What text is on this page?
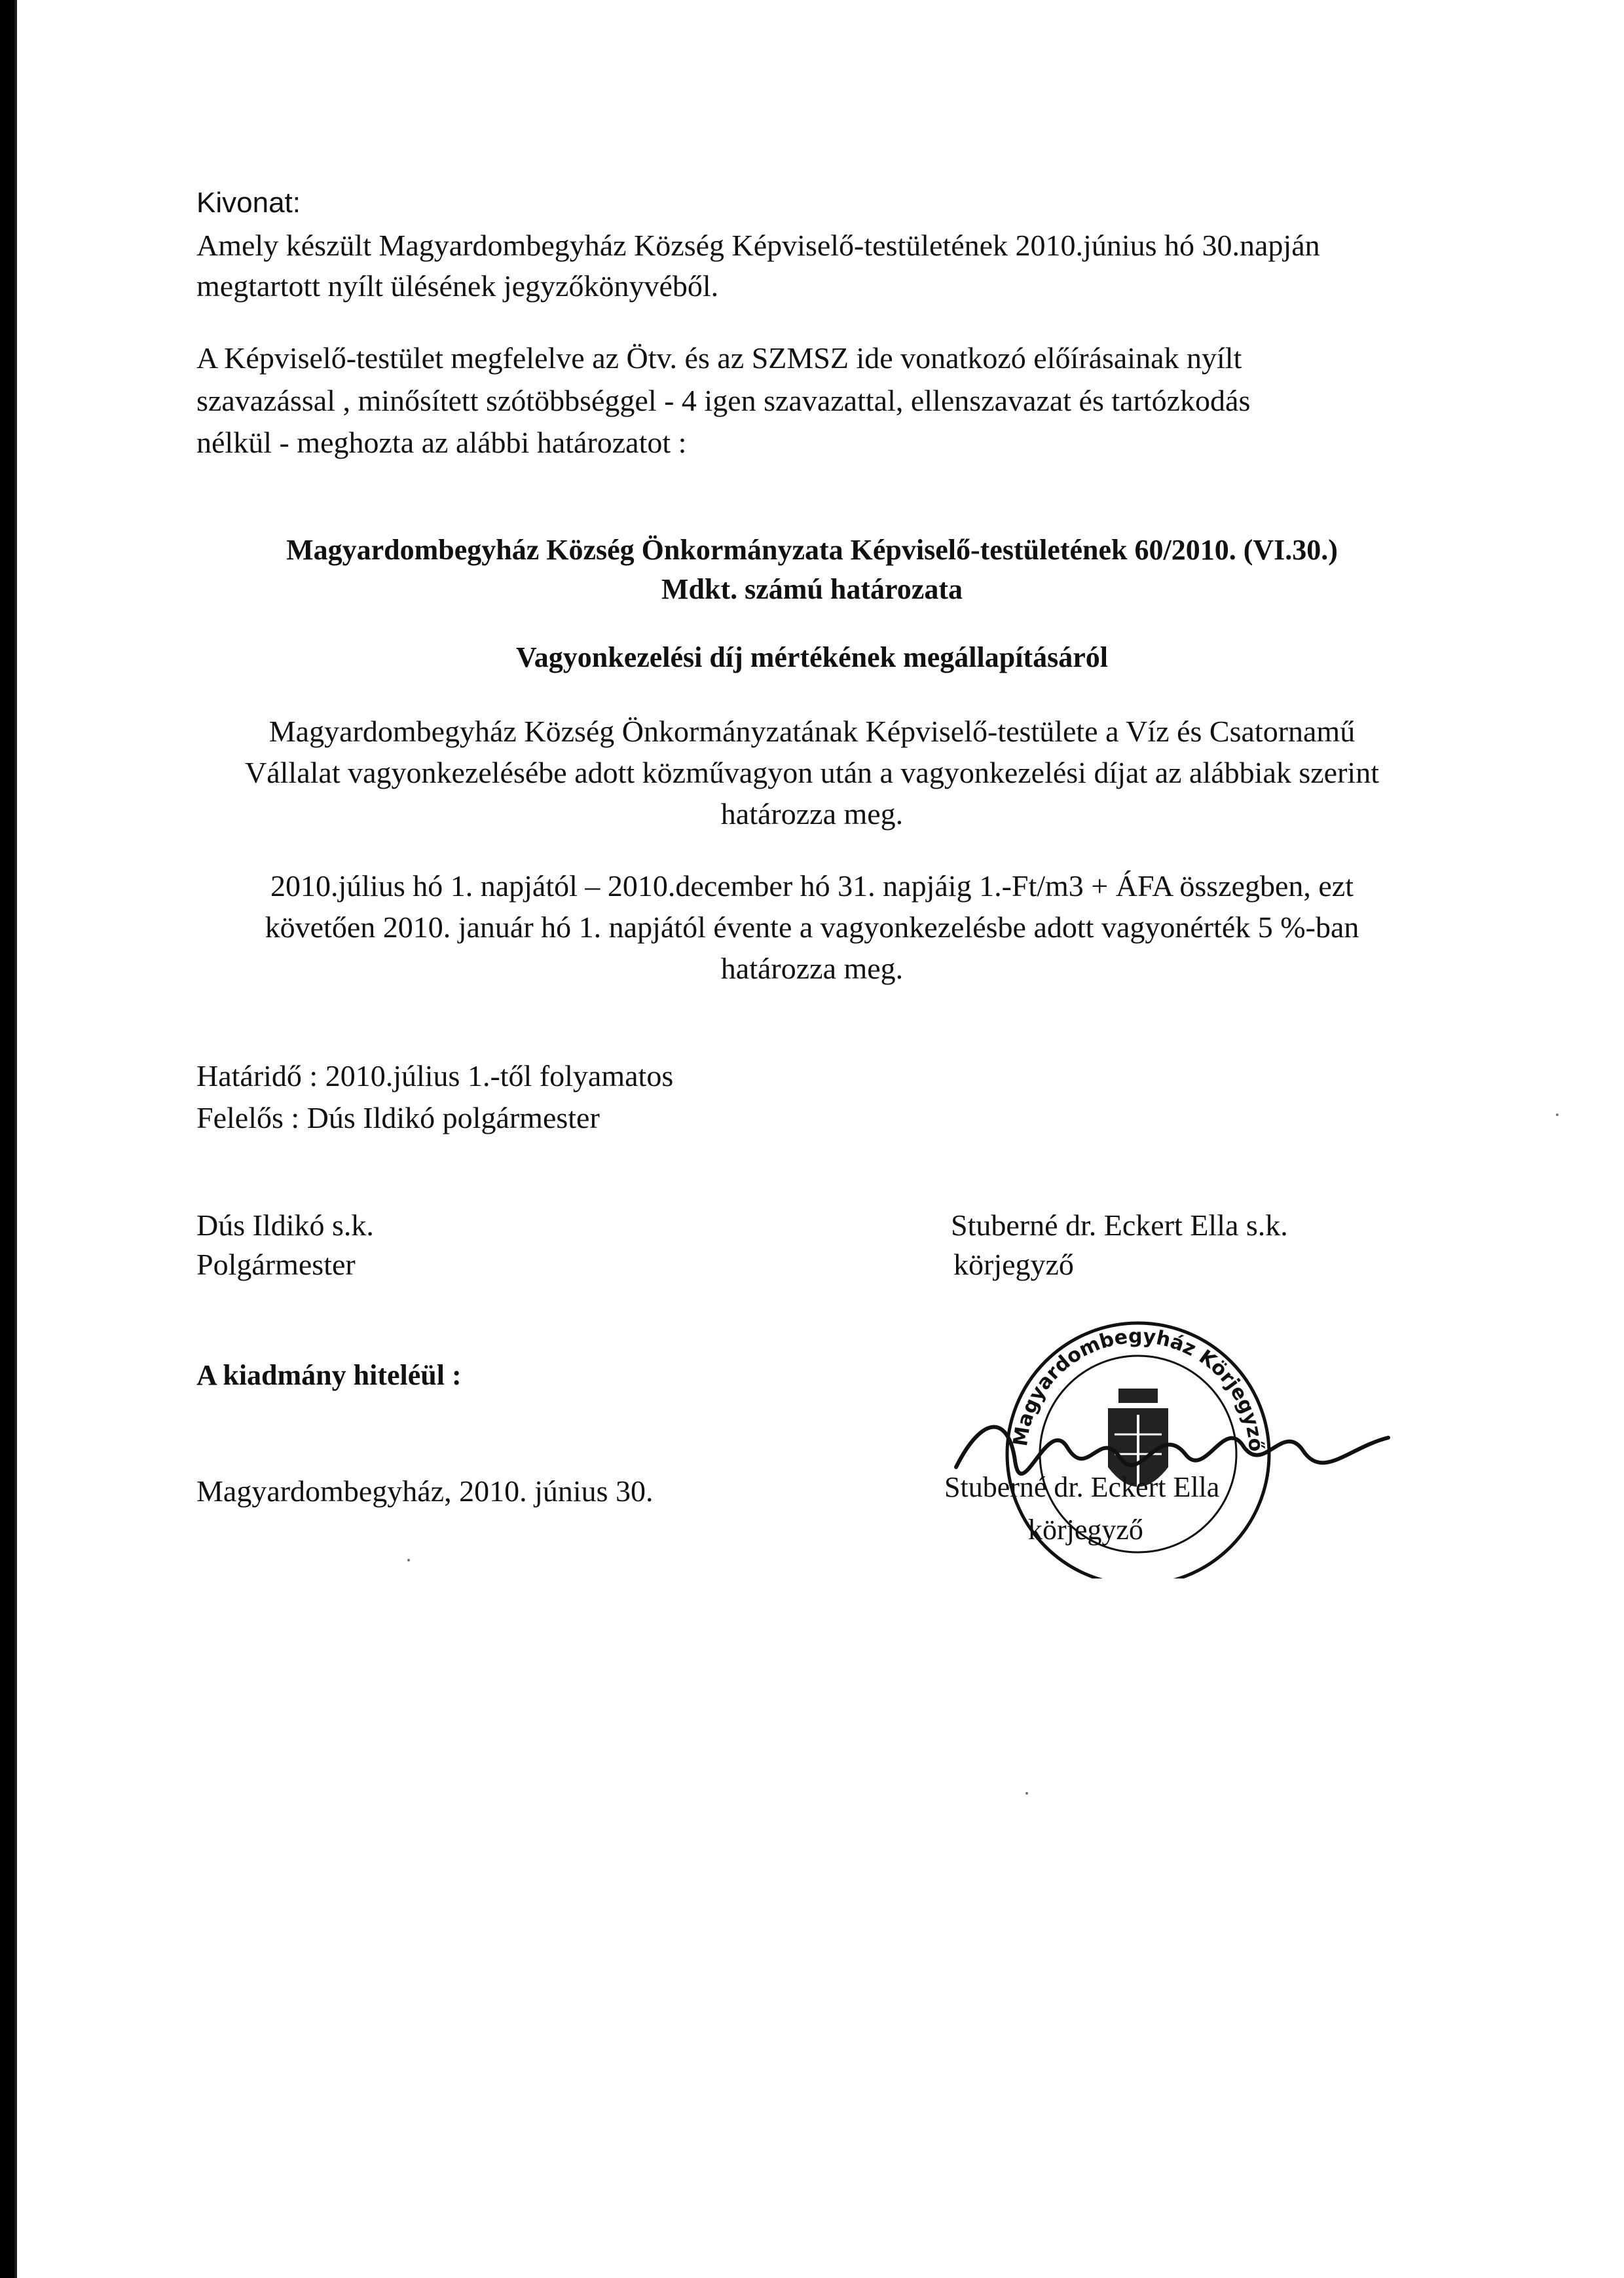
Kivonat:
Amely készült Magyardombegyház Község Képviselő-testületének 2010.június hó 30.napján
megtartott nyílt ülésének jegyzőkönyvéből.
A Képviselő-testület megfelelve az Ötv. és az SZMSZ ide vonatkozó előírásainak nyílt
szavazással , minősített szótöbbséggel - 4 igen szavazattal, ellenszavazat és tartózkodás
nélkül - meghozta az alábbi határozatot :
Magyardombegyház Község Önkormányzata Képviselő-testületének 60/2010. (VI.30.)
Mdkt. számú határozata
Vagyonkezelési díj mértékének megállapításáról
Magyardombegyház Község Önkormányzatának Képviselő-testülete a Víz és Csatornamű
Vállalat vagyonkezelésébe adott közművagyon után a vagyonkezelési díjat az alábbiak szerint
határozza meg.
2010.július hó 1. napjától – 2010.december hó 31. napjáig 1.-Ft/m3 + ÁFA összegben, ezt
követően 2010. január hó 1. napjától évente a vagyonkezelésbe adott vagyonérték 5 %-ban
határozza meg.
Határidő : 2010.július 1.-től folyamatos
Felelős : Dús Ildikó polgármester
Dús Ildikó s.k.
Polgármester
Stuberné dr. Eckert Ella s.k.
körjegyző
A kiadmány hiteléül :
Magyardombegyház, 2010. június 30.
Magyardombegyház Körjegyző
Stuberné dr. Eckert Ella
körjegyző
